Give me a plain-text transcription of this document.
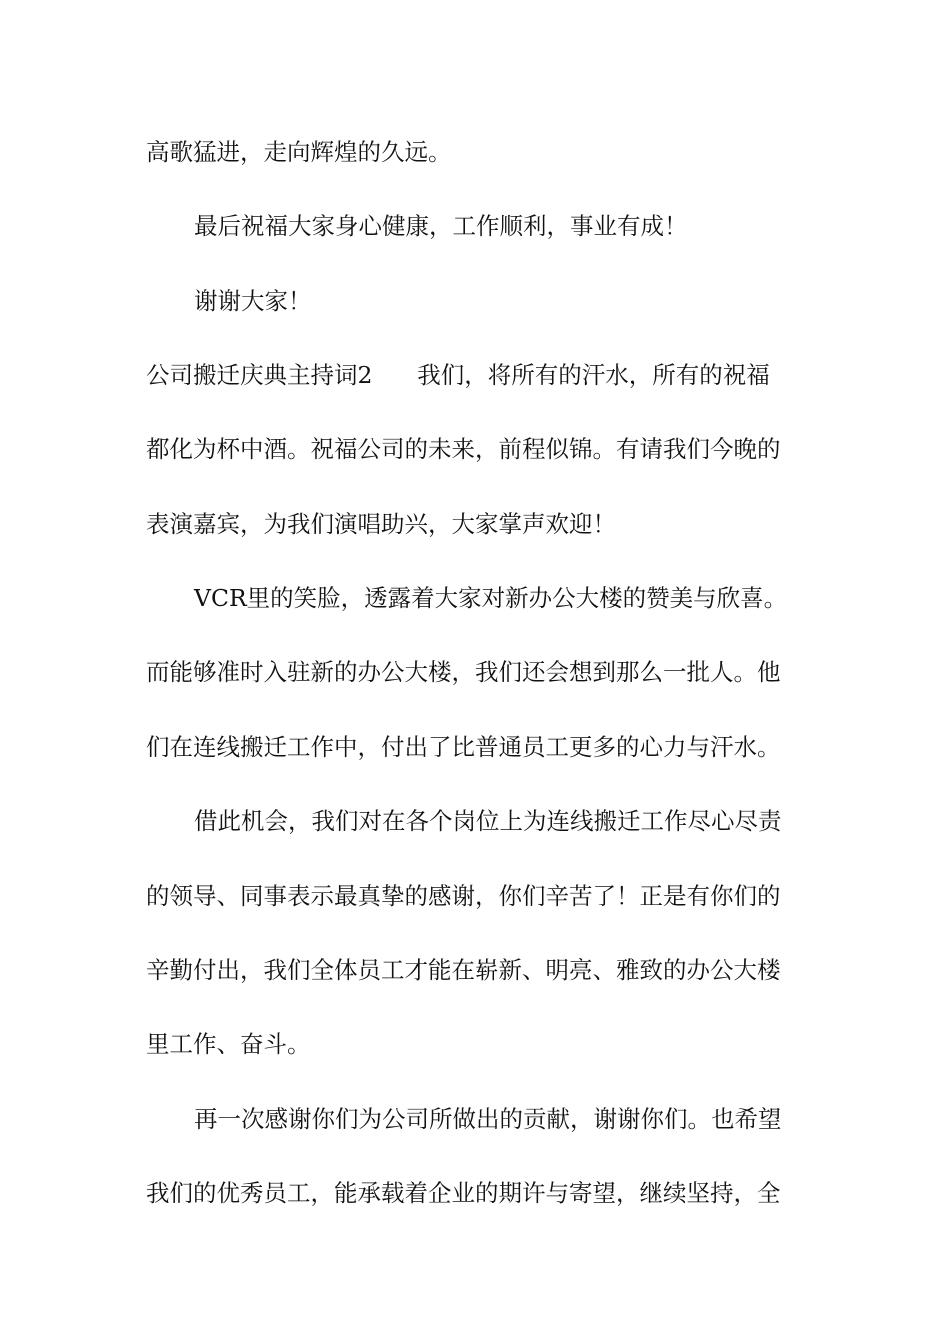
高歌猛进，走向辉煌的久远。

最后祝福大家身心健康，工作顺利，事业有成！

谢谢大家！

公司搬迁庆典主持词2      我们，将所有的汗水，所有的祝福

都化为杯中酒。祝福公司的未来，前程似锦。有请我们今晚的

表演嘉宾，为我们演唱助兴，大家掌声欢迎！

VCR里的笑脸，透露着大家对新办公大楼的赞美与欣喜。

而能够准时入驻新的办公大楼，我们还会想到那么一批人。他

们在连线搬迁工作中，付出了比普通员工更多的心力与汗水。

借此机会，我们对在各个岗位上为连线搬迁工作尽心尽责

的领导、同事表示最真挚的感谢，你们辛苦了！正是有你们的

辛勤付出，我们全体员工才能在崭新、明亮、雅致的办公大楼

里工作、奋斗。

再一次感谢你们为公司所做出的贡献，谢谢你们。也希望

我们的优秀员工，能承载着企业的期许与寄望，继续坚持，全
